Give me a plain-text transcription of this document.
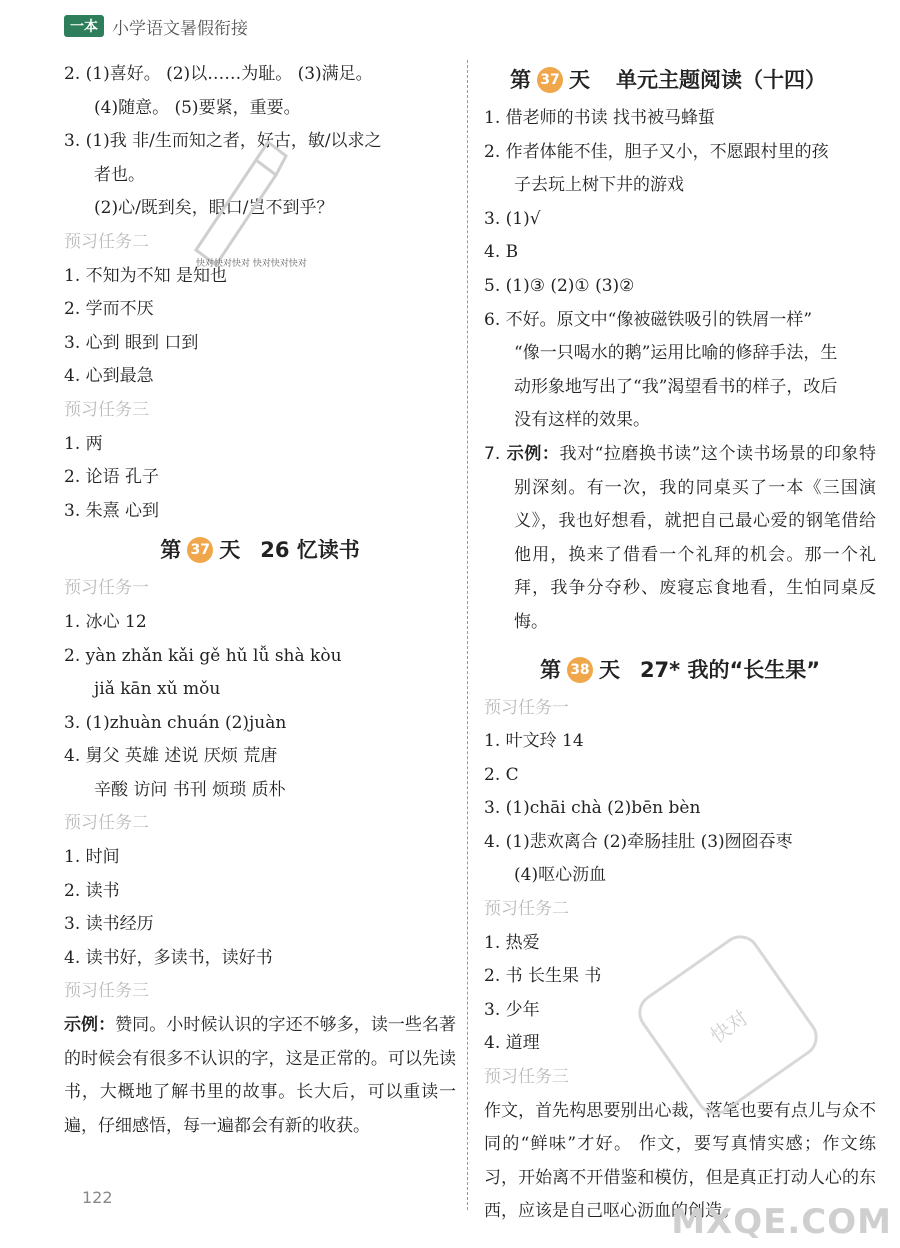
一本 小学语文暑假衔接
2. (1)喜好。 (2)以……为耻。 (3)满足。
(4)随意。 (5)要紧，重要。
3. (1)我 非/生而知之者，好古，敏/以求之
者也。
(2)心/既到矣，眼口/岂不到乎？
预习任务二
1. 不知为不知 是知也
2. 学而不厌
3. 心到 眼到 口到
4. 心到最急
预习任务三
1. 两
2. 论语 孔子
3. 朱熹 心到
第 37 天 26 忆读书
预习任务一
1. 冰心 12
2. yàn zhǎn kǎi gě hǔ lǚ shà kòu
jiǎ kān xǔ mǒu
3. (1)zhuàn chuán (2)juàn
4. 舅父 英雄 述说 厌烦 荒唐
辛酸 访问 书刊 烦琐 质朴
预习任务二
1. 时间
2. 读书
3. 读书经历
4. 读书好，多读书，读好书
预习任务三
示例：赞同。小时候认识的字还不够多，读一些名著的时候会有很多不认识的字，这是正常的。可以先读书，大概地了解书里的故事。长大后，可以重读一遍，仔细感悟，每一遍都会有新的收获。
第 37 天 单元主题阅读（十四）
1. 借老师的书读 找书被马蜂蜇
2. 作者体能不佳，胆子又小，不愿跟村里的孩
子去玩上树下井的游戏
3. (1)√
4. B
5. (1)③ (2)① (3)②
6. 不好。原文中“像被磁铁吸引的铁屑一样”
“像一只喝水的鹅”运用比喻的修辞手法，生
动形象地写出了“我”渴望看书的样子，改后
没有这样的效果。
7. 示例：我对“拉磨换书读”这个读书场景的印象特别深刻。有一次，我的同桌买了一本《三国演义》，我也好想看，就把自己最心爱的钢笔借给他用，换来了借看一个礼拜的机会。那一个礼拜，我争分夺秒、废寝忘食地看，生怕同桌反悔。
第 38 天 27* 我的“长生果”
预习任务一
1. 叶文玲 14
2. C
3. (1)chāi chà (2)bēn bèn
4. (1)悲欢离合 (2)牵肠挂肚 (3)囫囵吞枣
(4)呕心沥血
预习任务二
1. 热爱
2. 书 长生果 书
3. 少年
4. 道理
预习任务三
作文，首先构思要别出心裁，落笔也要有点儿与众不同的“鲜味”才好。 作文，要写真情实感；作文练习，开始离不开借鉴和模仿，但是真正打动人心的东西，应该是自己呕心沥血的创造。
122
快对快对快对 快对快对快对
快对
MXQE.COM
